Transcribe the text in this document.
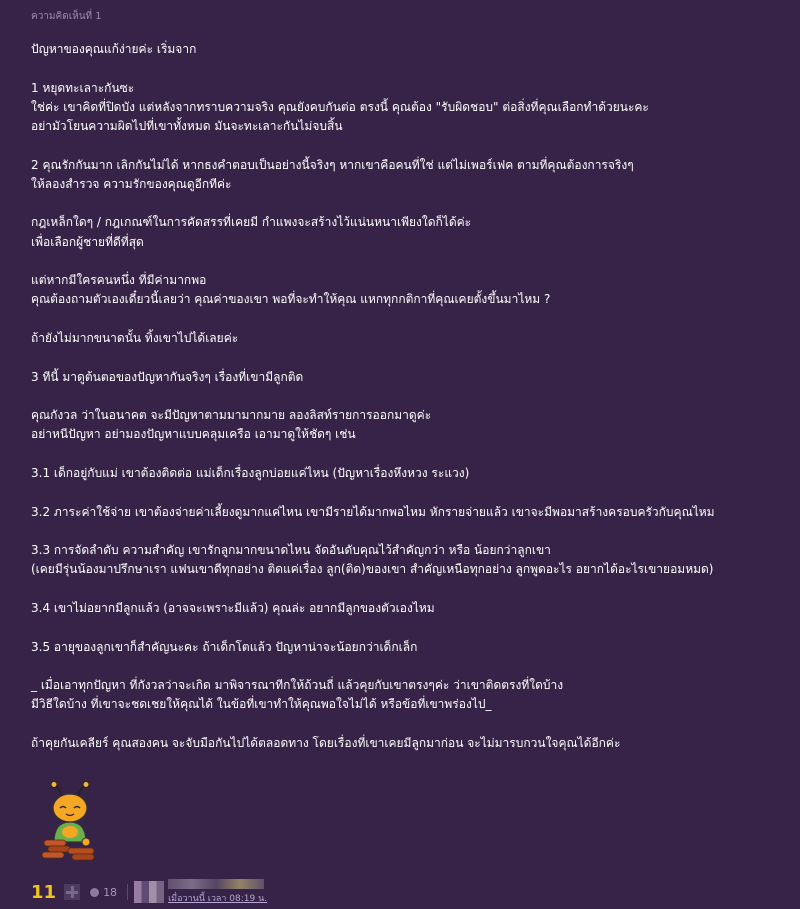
ความคิดเห็นที่ 1

ปัญหาของคุณแก้ง่ายค่ะ เริ่มจาก

1 หยุดทะเลาะกันซะ
ใช่ค่ะ เขาคิดที่ปิดบัง แต่หลังจากทราบความจริง คุณยังคบกันต่อ ตรงนี้ คุณต้อง "รับผิดชอบ" ต่อสิ่งที่คุณเลือกทำด้วยนะคะ
อย่ามัวโยนความผิดไปที่เขาทั้งหมด มันจะทะเลาะกันไม่จบสิ้น

2 คุณรักกันมาก เลิกกันไม่ได้ หากธงคำตอบเป็นอย่างนี้จริงๆ หากเขาคือคนที่ใช่ แต่ไม่เพอร์เฟค ตามที่คุณต้องการจริงๆ
ให้ลองสำรวจ ความรักของคุณดูอีกทีค่ะ

กฎเหล็กใดๆ / กฎเกณฑ์ในการคัดสรรที่เคยมี กำแพงจะสร้างไว้แน่นหนาเพียงใดก็ได้ค่ะ
เพื่อเลือกผู้ชายที่ดีที่สุด

แต่หากมีใครคนหนึ่ง ที่มีค่ามากพอ
คุณต้องถามตัวเองเดี๋ยวนี้เลยว่า คุณค่าของเขา พอที่จะทำให้คุณ แหกทุกกติกาที่คุณเคยตั้งขึ้นมาไหม ?

ถ้ายังไม่มากขนาดนั้น ทิ้งเขาไปได้เลยค่ะ

3 ทีนี้ มาดูต้นตอของปัญหากันจริงๆ เรื่องที่เขามีลูกติด

คุณกังวล ว่าในอนาคต จะมีปัญหาตามมามากมาย ลองลิสท์รายการออกมาดูค่ะ
อย่าหนีปัญหา อย่ามองปัญหาแบบคลุมเครือ เอามาดูให้ชัดๆ เช่น

3.1 เด็กอยู่กับแม่ เขาต้องติดต่อ แม่เด็กเรื่องลูกบ่อยแค่ไหน (ปัญหาเรื่องหึงหวง ระแวง)

3.2 ภาระค่าใช้จ่าย เขาต้องจ่ายค่าเลี้ยงดูมากแค่ไหน เขามีรายได้มากพอไหม หักรายจ่ายแล้ว เขาจะมีพอมาสร้างครอบครัวกับคุณไหม

3.3 การจัดลำดับ ความสำคัญ เขารักลูกมากขนาดไหน จัดอันดับคุณไว้สำคัญกว่า หรือ น้อยกว่าลูกเขา
(เคยมีรุ่นน้องมาปรึกษาเรา แฟนเขาดีทุกอย่าง ติดแค่เรื่อง ลูก(ติด)ของเขา สำคัญเหนือทุกอย่าง ลูกพูดอะไร อยากได้อะไรเขายอมหมด)

3.4 เขาไม่อยากมีลูกแล้ว (อาจจะเพราะมีแล้ว) คุณล่ะ อยากมีลูกของตัวเองไหม

3.5 อายุของลูกเขาก็สำคัญนะคะ ถ้าเด็กโตแล้ว ปัญหาน่าจะน้อยกว่าเด็กเล็ก

_ เมื่อเอาทุกปัญหา ที่กังวลว่าจะเกิด มาพิจารณาทีกให้ถ้วนถี่ แล้วคุยกับเขาตรงๆค่ะ ว่าเขาติดตรงที่ใดบ้าง
มีวิธีใดบ้าง ที่เขาจะชดเชยให้คุณได้ ในข้อที่เขาทำให้คุณพอใจไม่ได้ หรือข้อที่เขาพร่องไป_

ถ้าคุยกันเคลียร์ คุณสองคน จะจับมือกันไปได้ตลอดทาง โดยเรื่องที่เขาเคยมีลูกมาก่อน จะไม่มารบกวนใจคุณได้อีกค่ะ

11	18
เมื่อวานนี้ เวลา 08:19 น.
